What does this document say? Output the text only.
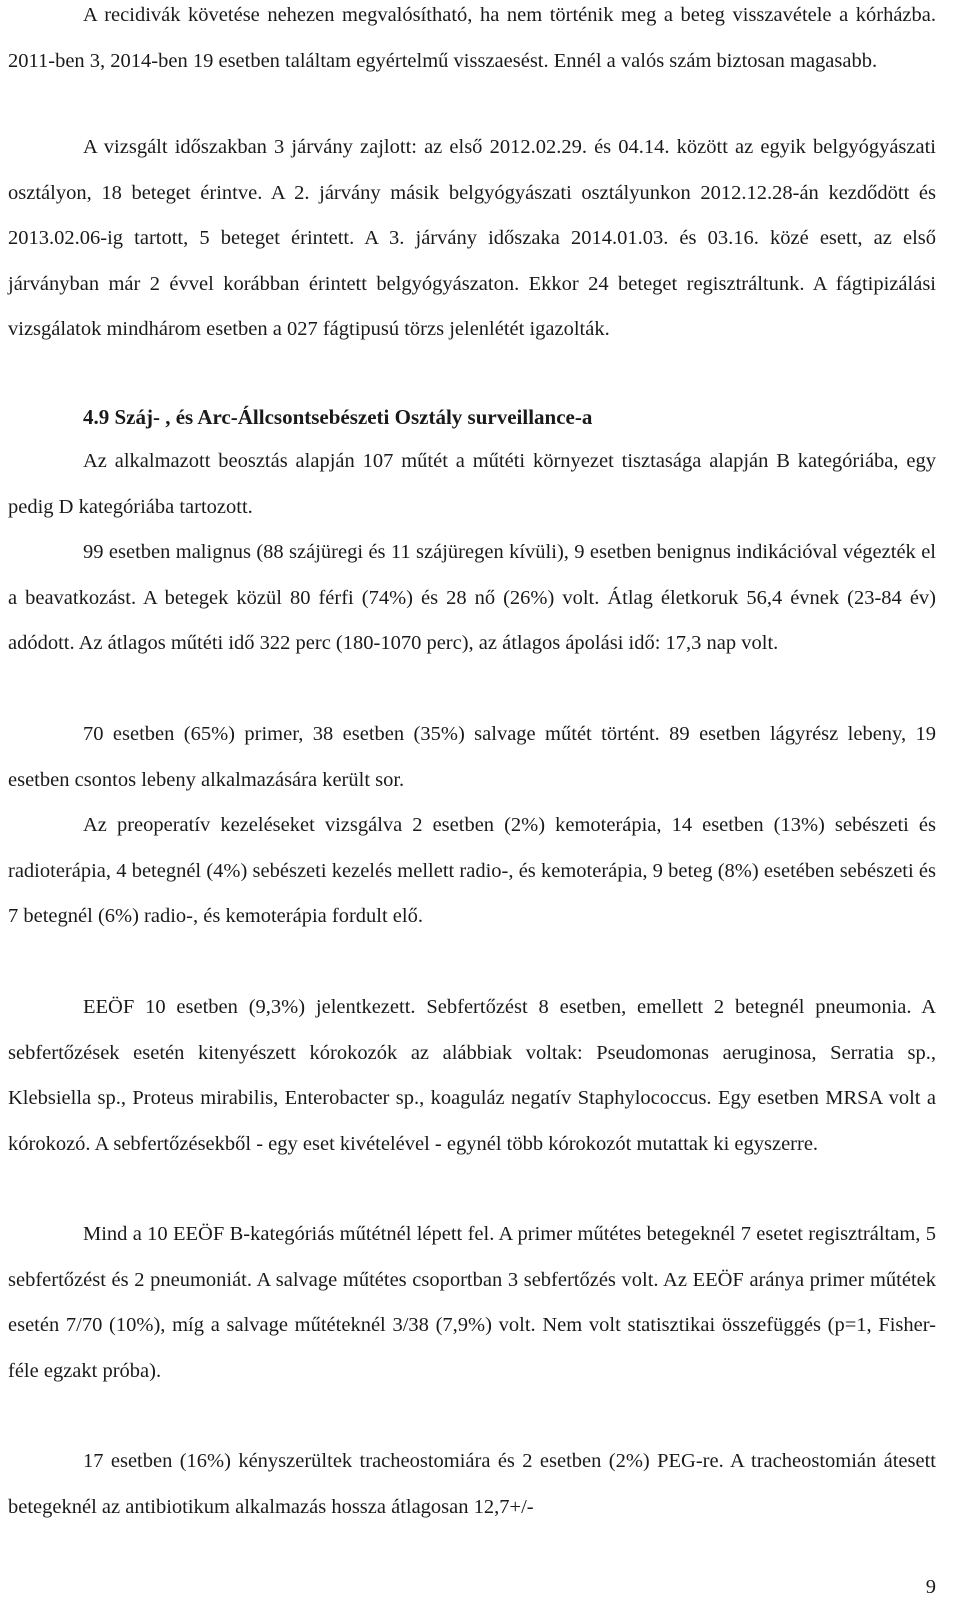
A recidivák követése nehezen megvalósítható, ha nem történik meg a beteg visszavétele a kórházba. 2011-ben 3, 2014-ben 19 esetben találtam egyértelmű visszaesést. Ennél a valós szám biztosan magasabb.

A vizsgált időszakban 3 járvány zajlott: az első 2012.02.29. és 04.14. között az egyik belgyógyászati osztályon, 18 beteget érintve. A 2. járvány másik belgyógyászati osztályunkon 2012.12.28-án kezdődött és 2013.02.06-ig tartott, 5 beteget érintett. A 3. járvány időszaka 2014.01.03. és 03.16. közé esett, az első járványban már 2 évvel korábban érintett belgyógyászaton. Ekkor 24 beteget regisztráltunk. A fágtipizálási vizsgálatok mindhárom esetben a 027 fágtipusú törzs jelenlétét igazolták.

4.9 Száj- , és Arc-Állcsontsebészeti Osztály surveillance-a

Az alkalmazott beosztás alapján 107 műtét a műtéti környezet tisztasága alapján B kategóriába, egy pedig D kategóriába tartozott.

99 esetben malignus (88 szájüregi és 11 szájüregen kívüli), 9 esetben benignus indikációval végezték el a beavatkozást. A betegek közül 80 férfi (74%) és 28 nő (26%) volt. Átlag életkoruk 56,4 évnek (23-84 év) adódott. Az átlagos műtéti idő 322 perc (180-1070 perc), az átlagos ápolási idő: 17,3 nap volt.

70 esetben (65%) primer, 38 esetben (35%) salvage műtét történt. 89 esetben lágyrész lebeny, 19 esetben csontos lebeny alkalmazására került sor.

Az preoperatív kezeléseket vizsgálva 2 esetben (2%) kemoterápia, 14 esetben (13%) sebészeti és radioterápia, 4 betegnél (4%) sebészeti kezelés mellett radio-, és kemoterápia, 9 beteg (8%) esetében sebészeti és 7 betegnél (6%) radio-, és kemoterápia fordult elő.

EEÖF 10 esetben (9,3%) jelentkezett. Sebfertőzést 8 esetben, emellett 2 betegnél pneumonia. A sebfertőzések esetén kitenyészett kórokozók az alábbiak voltak: Pseudomonas aeruginosa, Serratia sp., Klebsiella sp., Proteus mirabilis, Enterobacter sp., koaguláz negatív Staphylococcus. Egy esetben MRSA volt a kórokozó. A sebfertőzésekből - egy eset kivételével - egynél több kórokozót mutattak ki egyszerre.

Mind a 10 EEÖF B-kategóriás műtétnél lépett fel. A primer műtétes betegeknél 7 esetet regisztráltam, 5 sebfertőzést és 2 pneumoniát. A salvage műtétes csoportban 3 sebfertőzés volt. Az EEÖF aránya primer műtétek esetén 7/70 (10%), míg a salvage műtéteknél 3/38 (7,9%) volt. Nem volt statisztikai összefüggés (p=1, Fisher-féle egzakt próba).

17 esetben (16%) kényszerültek tracheostomiára és 2 esetben (2%) PEG-re. A tracheostomián átesett betegeknél az antibiotikum alkalmazás hossza átlagosan 12,7+/-

9
